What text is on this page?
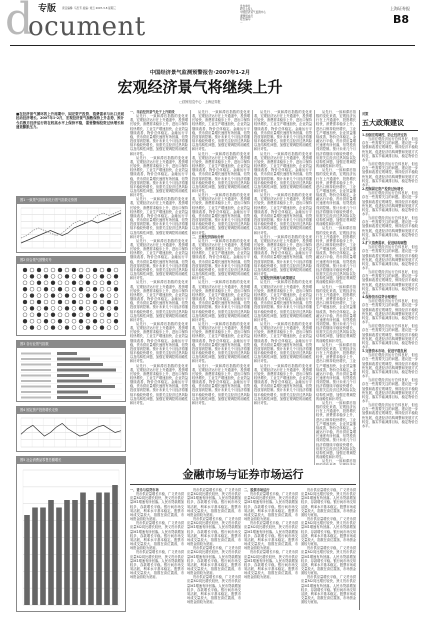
d 专版
ocument
责任编辑: 马忠芳 美编: 刘云 2007-3-8 星期三	上海证券报
B8
发布单位
研究主持人
中国经济景气监测中心
课题组成员
报告编写:
...
中国经济景气监测预警报告·2007年1-2月
宏观经济景气将继续上升
□国家信息中心 · 上海证券报

■在经济景气循环的上升周期中，固定资产投资、消费需求与出口共同拉动经济增长。2007年1-2月，宏观经济景气指数保持上升态势，预计今后数月经济运行将在较高水平上保持平稳，需要警惕投资过快增长和通货膨胀压力。

图1 一致景气指数和先行景气指数走势图
图2 综合景气预警灯号
图3 各行业景气指数
图4 固定资产投资增长走势

一、当前经济景气处于上升阶段

从先行、一致和滞后指数的变化来看，宏观经济运行在上升通道中，投资增长较快，消费需求稳步上升，进出口保持较快增长，工业生产增速加快，企业效益继续改善，物价总体稳定。金融运行平稳，货币供应量增长速度有所回落，信贷投放得到控制。预计未来几个月经济将继续平稳较快增长，但需关注经济过热风险以及结构性问题，加强宏观调控的前瞻性和针对性。

从先行、一致和滞后指数的变化来看，宏观经济运行在上升通道中，投资增长较快，消费需求稳步上升，进出口保持较快增长，工业生产增速加快，企业效益继续改善，物价总体稳定。金融运行平稳，货币供应量增长速度有所回落，信贷投放得到控制。预计未来几个月经济将继续平稳较快增长，但需关注经济过热风险以及结构性问题，加强宏观调控的前瞻性和针对性。

从先行、一致和滞后指数的变化来看，宏观经济运行在上升通道中，投资增长较快，消费需求稳步上升，进出口保持较快增长，工业生产增速加快，企业效益继续改善，物价总体稳定。金融运行平稳，货币供应量增长速度有所回落，信贷投放得到控制。预计未来几个月经济将继续平稳较快增长，但需关注经济过热风险以及结构性问题，加强宏观调控的前瞻性和针对性。

从先行、一致和滞后指数的变化来看，宏观经济运行在上升通道中，投资增长较快，消费需求稳步上升，进出口保持较快增长，工业生产增速加快，企业效益继续改善，物价总体稳定。金融运行平稳，货币供应量增长速度有所回落，信贷投放得到控制。预计未来几个月经济将继续平稳较快增长，但需关注经济过热风险以及结构性问题，加强宏观调控的前瞻性和针对性。

从先行、一致和滞后指数的变化来看，宏观经济运行在上升通道中，投资增长较快，消费需求稳步上升，进出口保持较快增长，工业生产增速加快，企业效益继续改善，物价总体稳定。金融运行平稳，货币供应量增长速度有所回落，信贷投放得到控制。预计未来几个月经济将继续平稳较快增长，但需关注经济过热风险以及结构性问题，加强宏观调控的前瞻性和针对性。

从先行、一致和滞后指数的变化来看，宏观经济运行在上升通道中，投资增长较快，消费需求稳步上升，进出口保持较快增长，工业生产增速加快，企业效益继续改善，物价总体稳定。金融运行平稳，货币供应量增长速度有所回落，信贷投放得到控制。预计未来几个月经济将继续平稳较快增长，但需关注经济过热风险以及结构性问题，加强宏观调控的前瞻性和针对性。

从先行、一致和滞后指数的变化来看，宏观经济运行在上升通道中，投资增长较快，消费需求稳步上升，进出口保持较快增长，工业生产增速加快，企业效益继续改善，物价总体稳定。金融运行平稳，货币供应量增长速度有所回落，信贷投放得到控制。预计未来几个月经济将继续平稳较快增长，但需关注经济过热风险以及结构性问题，加强宏观调控的前瞻性和针对性。

从先行、一致和滞后指数的变化来看，宏观经济运行在上升通道中，投资增长较快，消费需求稳步上升，进出口保持较快增长，工业生产增速加快，企业效益继续改善，物价总体稳定。金融运行平稳，货币供应量增长速度有所回落，信贷投放得到控制。预计未来几个月经济将继续平稳较快增长，但需关注经济过热风险以及结构性问题，加强宏观调控的前瞻性和针对性。

从先行、一致和滞后指数的变化来看，宏观经济运行在上升通道中，投资增长较快，消费需求稳步上升，进出口保持较快增长，工业生产增速加快，企业效益继续改善，物价总体稳定。金融运行平稳，货币供应量增长速度有所回落，信贷投放得到控制。预计未来几个月经济将继续平稳较快增长，但需关注经济过热风险以及结构性问题，加强宏观调控的前瞻性和针对性。

从先行、一致和滞后指数的变化来看，宏观经济运行在上升通道中，投资增长较快，消费需求稳步上升，进出口保持较快增长，工业生产增速加快，企业效益继续改善，物价总体稳定。金融运行平稳，货币供应量增长速度有所回落，信贷投放得到控制。预计未来几个月经济将继续平稳较快增长，但需关注经济过热风险以及结构性问题，加强宏观调控的前瞻性和针对性。

二、主要经济指标分析

从先行、一致和滞后指数的变化来看，宏观经济运行在上升通道中，投资增长较快，消费需求稳步上升，进出口保持较快增长，工业生产增速加快，企业效益继续改善，物价总体稳定。金融运行平稳，货币供应量增长速度有所回落，信贷投放得到控制。预计未来几个月经济将继续平稳较快增长，但需关注经济过热风险以及结构性问题，加强宏观调控的前瞻性和针对性。

从先行、一致和滞后指数的变化来看，宏观经济运行在上升通道中，投资增长较快，消费需求稳步上升，进出口保持较快增长，工业生产增速加快，企业效益继续改善，物价总体稳定。金融运行平稳，货币供应量增长速度有所回落，信贷投放得到控制。预计未来几个月经济将继续平稳较快增长，但需关注经济过热风险以及结构性问题，加强宏观调控的前瞻性和针对性。

从先行、一致和滞后指数的变化来看，宏观经济运行在上升通道中，投资增长较快，消费需求稳步上升，进出口保持较快增长，工业生产增速加快，企业效益继续改善，物价总体稳定。金融运行平稳，货币供应量增长速度有所回落，信贷投放得到控制。预计未来几个月经济将继续平稳较快增长，但需关注经济过热风险以及结构性问题，加强宏观调控的前瞻性和针对性。

从先行、一致和滞后指数的变化来看，宏观经济运行在上升通道中，投资增长较快，消费需求稳步上升，进出口保持较快增长，工业生产增速加快，企业效益继续改善，物价总体稳定。金融运行平稳，货币供应量增长速度有所回落，信贷投放得到控制。预计未来几个月经济将继续平稳较快增长，但需关注经济过热风险以及结构性问题，加强宏观调控的前瞻性和针对性。

从先行、一致和滞后指数的变化来看，宏观经济运行在上升通道中，投资增长较快，消费需求稳步上升，进出口保持较快增长，工业生产增速加快，企业效益继续改善，物价总体稳定。金融运行平稳，货币供应量增长速度有所回落，信贷投放得到控制。预计未来几个月经济将继续平稳较快增长，但需关注经济过热风险以及结构性问题，加强宏观调控的前瞻性和针对性。

从先行、一致和滞后指数的变化来看，宏观经济运行在上升通道中，投资增长较快，消费需求稳步上升，进出口保持较快增长，工业生产增速加快，企业效益继续改善，物价总体稳定。金融运行平稳，货币供应量增长速度有所回落，信贷投放得到控制。预计未来几个月经济将继续平稳较快增长，但需关注经济过热风险以及结构性问题，加强宏观调控的前瞻性和针对性。

从先行、一致和滞后指数的变化来看，宏观经济运行在上升通道中，投资增长较快，消费需求稳步上升，进出口保持较快增长，工业生产增速加快，企业效益继续改善，物价总体稳定。金融运行平稳，货币供应量增长速度有所回落，信贷投放得到控制。预计未来几个月经济将继续平稳较快增长，但需关注经济过热风险以及结构性问题，加强宏观调控的前瞻性和针对性。

从先行、一致和滞后指数的变化来看，宏观经济运行在上升通道中，投资增长较快，消费需求稳步上升，进出口保持较快增长，工业生产增速加快，企业效益继续改善，物价总体稳定。金融运行平稳，货币供应量增长速度有所回落，信贷投放得到控制。预计未来几个月经济将继续平稳较快增长，但需关注经济过热风险以及结构性问题，加强宏观调控的前瞻性和针对性。

三、宏观经济预测与政策建议

从先行、一致和滞后指数的变化来看，宏观经济运行在上升通道中，投资增长较快，消费需求稳步上升，进出口保持较快增长，工业生产增速加快，企业效益继续改善，物价总体稳定。金融运行平稳，货币供应量增长速度有所回落，信贷投放得到控制。预计未来几个月经济将继续平稳较快增长，但需关注经济过热风险以及结构性问题，加强宏观调控的前瞻性和针对性。

从先行、一致和滞后指数的变化来看，宏观经济运行在上升通道中，投资增长较快，消费需求稳步上升，进出口保持较快增长，工业生产增速加快，企业效益继续改善，物价总体稳定。金融运行平稳，货币供应量增长速度有所回落，信贷投放得到控制。预计未来几个月经济将继续平稳较快增长，但需关注经济过热风险以及结构性问题，加强宏观调控的前瞻性和针对性。

从先行、一致和滞后指数的变化来看，宏观经济运行在上升通道中，投资增长较快，消费需求稳步上升，进出口保持较快增长，工业生产增速加快，企业效益继续改善，物价总体稳定。金融运行平稳，货币供应量增长速度有所回落，信贷投放得到控制。预计未来几个月经济将继续平稳较快增长，但需关注经济过热风险以及结构性问题，加强宏观调控的前瞻性和针对性。

从先行、一致和滞后指数的变化来看，宏观经济运行在上升通道中，投资增长较快，消费需求稳步上升，进出口保持较快增长，工业生产增速加快，企业效益继续改善，物价总体稳定。金融运行平稳，货币供应量增长速度有所回落，信贷投放得到控制。预计未来几个月经济将继续平稳较快增长，但需关注经济过热风险以及结构性问题，加强宏观调控的前瞻性和针对性。

从先行、一致和滞后指数的变化来看，宏观经济运行在上升通道中，投资增长较快，消费需求稳步上升，进出口保持较快增长，工业生产增速加快，企业效益继续改善，物价总体稳定。金融运行平稳，货币供应量增长速度有所回落，信贷投放得到控制。预计未来几个月经济将继续平稳较快增长，但需关注经济过热风险以及结构性问题，加强宏观调控的前瞻性和针对性。

从先行、一致和滞后指数的变化来看，宏观经济运行在上升通道中，投资增长较快，消费需求稳步上升，进出口保持较快增长，工业生产增速加快，企业效益继续改善，物价总体稳定。金融运行平稳，货币供应量增长速度有所回落，信贷投放得到控制。预计未来几个月经济将继续平稳较快增长，但需关注经济过热风险以及结构性问题，加强宏观调控的前瞻性和针对性。

从先行、一致和滞后指数的变化来看，宏观经济运行在上升通道中，投资增长较快，消费需求稳步上升，进出口保持较快增长，工业生产增速加快，企业效益继续改善，物价总体稳定。金融运行平稳，货币供应量增长速度有所回落，信贷投放得到控制。预计未来几个月经济将继续平稳较快增长，但需关注经济过热风险以及结构性问题，加强宏观调控的前瞻性和针对性。

从先行、一致和滞后指数的变化来看，宏观经济运行在上升通道中，投资增长较快，消费需求稳步上升，进出口保持较快增长，工业生产增速加快，企业效益继续改善，物价总体稳定。金融运行平稳，货币供应量增长速度有所回落，信贷投放得到控制。预计未来几个月经济将继续平稳较快增长，但需关注经济过热风险以及结构性问题，加强宏观调控的前瞻性和针对性。

从先行、一致和滞后指数的变化来看，宏观经济运行在上升通道中，投资增长较快，消费需求稳步上升，进出口保持较快增长，工业生产增速加快，企业效益继续改善，物价总体稳定。金融运行平稳，货币供应量增长速度有所回落，信贷投放得到控制。预计未来几个月经济将继续平稳较快增长，但需关注经济过热风险以及结构性问题，加强宏观调控的前瞻性和针对性。

从先行、一致和滞后指

对策
五大政策建议

1.加强宏观调控，防止经济过热

当前宏观经济运行总体良好，但也存在一些需要关注的问题。建议进一步加强和改善宏观调控，保持经济平稳较快发展，促进经济结构调整和发展方式转变，落实节能减排目标，稳定物价总水平。

当前宏观经济运行总体良好，但也存在一些需要关注的问题。建议进一步加强和改善宏观调控，保持经济平稳较快发展，促进经济结构调整和发展方式转变，落实节能减排目标，稳定物价总水平。

2.控制固定资产投资过快增长

当前宏观经济运行总体良好，但也存在一些需要关注的问题。建议进一步加强和改善宏观调控，保持经济平稳较快发展，促进经济结构调整和发展方式转变，落实节能减排目标，稳定物价总水平。

当前宏观经济运行总体良好，但也存在一些需要关注的问题。建议进一步加强和改善宏观调控，保持经济平稳较快发展，促进经济结构调整和发展方式转变，落实节能减排目标，稳定物价总水平。

3.扩大消费需求，促进结构调整

当前宏观经济运行总体良好，但也存在一些需要关注的问题。建议进一步加强和改善宏观调控，保持经济平稳较快发展，促进经济结构调整和发展方式转变，落实节能减排目标，稳定物价总水平。

当前宏观经济运行总体良好，但也存在一些需要关注的问题。建议进一步加强和改善宏观调控，保持经济平稳较快发展，促进经济结构调整和发展方式转变，落实节能减排目标，稳定物价总水平。

4.保持货币信贷合理增长

当前宏观经济运行总体良好，但也存在一些需要关注的问题。建议进一步加强和改善宏观调控，保持经济平稳较快发展，促进经济结构调整和发展方式转变，落实节能减排目标，稳定物价总水平。

当前宏观经济运行总体良好，但也存在一些需要关注的问题。建议进一步加强和改善宏观调控，保持经济平稳较快发展，促进经济结构调整和发展方式转变，落实节能减排目标，稳定物价总水平。

5.完善资本市场，促进平稳发展

当前宏观经济运行总体良好，但也存在一些需要关注的问题。建议进一步加强和改善宏观调控，保持经济平稳较快发展，促进经济结构调整和发展方式转变，落实节能减排目标，稳定物价总水平。

当前宏观经济运行总体良好，但也存在一些需要关注的问题。建议进一步加强和改善宏观调控，保持经济平稳较快发展，促进经济结构调整和发展方式转变，落实节能减排目标，稳定物价总水平。

当前宏观经济运行总体良好，但也存在一些需要关注的问题。建议进一步加强和改善宏观调控，保持经济平稳较快发展，促进经济结构调整和发展方式转变，落实节能减排目标，稳定物价总水平。

金融市场与证券市场运行
图5 社会消费品零售总额增长

一、货币与信贷市场

货币供应量增长平稳，广义货币供应量M2同比增长较快，狭义货币供应量M1增速有所回落。人民币贷款增加较多，存款增长平稳。银行间市场交易活跃，利率水平基本稳定。股票市场成交量放大，指数在高位震荡，市场资金面较为宽裕。

货币供应量增长平稳，广义货币供应量M2同比增长较快，狭义货币供应量M1增速有所回落。人民币贷款增加较多，存款增长平稳。银行间市场交易活跃，利率水平基本稳定。股票市场成交量放大，指数在高位震荡，市场资金面较为宽裕。

货币供应量增长平稳，广义货币供应量M2同比增长较快，狭义货币供应量M1增速有所回落。人民币贷款增加较多，存款增长平稳。银行间市场交易活跃，利率水平基本稳定。股票市场成交量放大，指数在高位震荡，市场资金面较为宽裕。

货币供应量增长平稳，广义货币供应量M2同比增长较快，狭义货币供应量M1增速有所回落。人民币贷款增加较多，存款增长平稳。银行间市场交易活跃，利率水平基本稳定。股票市场成交量放大，指数在高位震荡，市场资金面较为宽裕。

货币供应量增长平稳，广义货币供应量M2同比增长较快，狭义货币供应量M1增速有所回落。人民币贷款增加较多，存款增长平稳。银行间市场交易活跃，利率水平基本稳定。股票市场成交量放大，指数在高位震荡，市场资金面较为宽裕。

货币供应量增长平稳，广义货币供应量M2同比增长较快，狭义货币供应量M1增速有所回落。人民币贷款增加较多，存款增长平稳。银行间市场交易活跃，利率水平基本稳定。股票市场成交量放大，指数在高位震荡，市场资金面较为宽裕。

货币供应量增长平稳，广义货币供应量M2同比增长较快，狭义货币供应量M1增速有所回落。人民币贷款增加较多，存款增长平稳。银行间市场交易活跃，利率水平基本稳定。股票市场成交量放大，指数在高位震荡，市场资金面较为宽裕。

二、股票市场运行

货币供应量增长平稳，广义货币供应量M2同比增长较快，狭义货币供应量M1增速有所回落。人民币贷款增加较多，存款增长平稳。银行间市场交易活跃，利率水平基本稳定。股票市场成交量放大，指数在高位震荡，市场资金面较为宽裕。

货币供应量增长平稳，广义货币供应量M2同比增长较快，狭义货币供应量M1增速有所回落。人民币贷款增加较多，存款增长平稳。银行间市场交易活跃，利率水平基本稳定。股票市场成交量放大，指数在高位震荡，市场资金面较为宽裕。

货币供应量增长平稳，广义货币供应量M2同比增长较快，狭义货币供应量M1增速有所回落。人民币贷款增加较多，存款增长平稳。银行间市场交易活跃，利率水平基本稳定。股票市场成交量放大，指数在高位震荡，市场资金面较为宽裕。

货币供应量增长平稳，广义货币供应量M2同比增长较快，狭义货币供应量M1增速有所回落。人民币贷款增加较多，存款增长平稳。银行间市场交易活跃，利率水平基本稳定。股票市场成交量放大，指数在高位震荡，市场资金面较为宽裕。

货币供应量增长平稳，广义货币供应量M2同比增长较快，狭义货币供应量M1增速有所回落。人民币贷款增加较多，存款增长平稳。银行间市场交易活跃，利率水平基本稳定。股票市场成交量放大，指数在高位震荡，市场资金面较为宽裕。

货币供应量增长平稳，广义货币供应量M2同比增长较快，狭义货币供应量M1增速有所回落。人民币贷款增加较多，存款增长平稳。银行间市场交易活跃，利率水平基本稳定。股票市场成交量放大，指数在高位震荡，市场资金面较为宽裕。

货币供应量增长平稳，广义货币供应量M2同比增长较快，狭义货币供应量M1增速有所回落。人民币贷款增加较多，存款增长平稳。银行间市场交易活跃，利率水平基本稳定。股票市场成交量放大，指数在高位震荡，市场资金面较为宽裕。
